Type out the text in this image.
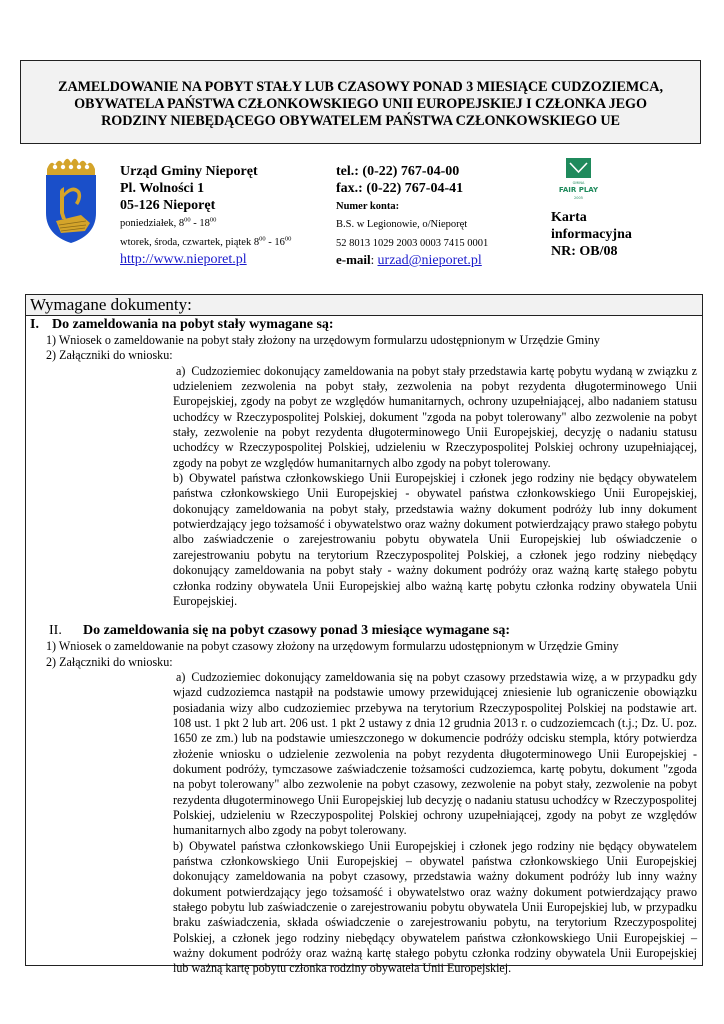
ZAMELDOWANIE NA POBYT STAŁY LUB CZASOWY PONAD 3 MIESIĄCE CUDZOZIEMCA,
OBYWATELA PAŃSTWA CZŁONKOWSKIEGO UNII EUROPEJSKIEJ I CZŁONKA JEGO
RODZINY NIEBĘDĄCEGO OBYWATELEM PAŃSTWA CZŁONKOWSKIEGO UE
Urząd Gminy Nieporęt
Pl. Wolności 1
05-126 Nieporęt
poniedziałek, $8^{00} - 18^{00}$
wtorek, środa, czwartek, piątek $8^{00} - 16^{00}$
http://www.nieporet.pl
tel.: (0-22) 767-04-00
fax.: (0-22) 767-04-41
Numer konta:
B.S. w Legionowie, o/Nieporęt
52 8013 1029 2003 0003 7415 0001
e-mail: urzad@nieporet.pl
GMINA
FAIR PLAY
2005
Karta
informacyjna
NR: OB/08
Wymagane dokumenty:
I. Do zameldowania na pobyt stały wymagane są:
1) Wniosek o zameldowanie na pobyt stały złożony na urzędowym formularzu udostępnionym w Urzędzie Gminy
2) Załączniki do wniosku:
a) Cudzoziemiec dokonujący zameldowania na pobyt stały przedstawia kartę pobytu wydaną w związku z udzieleniem zezwolenia na pobyt stały, zezwolenia na pobyt rezydenta długoterminowego Unii Europejskiej, zgody na pobyt ze względów humanitarnych, ochrony uzupełniającej, albo nadaniem statusu uchodźcy w Rzeczypospolitej Polskiej, dokument "zgoda na pobyt tolerowany" albo zezwolenie na pobyt stały, zezwolenie na pobyt rezydenta długoterminowego Unii Europejskiej, decyzję o nadaniu statusu uchodźcy w Rzeczypospolitej Polskiej, udzieleniu w Rzeczypospolitej Polskiej ochrony uzupełniającej, zgody na pobyt ze względów humanitarnych albo zgody na pobyt tolerowany.
b) Obywatel państwa członkowskiego Unii Europejskiej i członek jego rodziny nie będący obywatelem państwa członkowskiego Unii Europejskiej - obywatel państwa członkowskiego Unii Europejskiej, dokonujący zameldowania na pobyt stały, przedstawia ważny dokument podróży lub inny dokument potwierdzający jego tożsamość i obywatelstwo oraz ważny dokument potwierdzający prawo stałego pobytu albo zaświadczenie o zarejestrowaniu pobytu obywatela Unii Europejskiej lub oświadczenie o zarejestrowaniu pobytu na terytorium Rzeczypospolitej Polskiej, a członek jego rodziny niebędący dokonujący zameldowania na pobyt stały - ważny dokument podróży oraz ważną kartę stałego pobytu członka rodziny obywatela Unii Europejskiej albo ważną kartę pobytu członka rodziny obywatela Unii Europejskiej.
II. Do zameldowania się na pobyt czasowy ponad 3 miesiące wymagane są:
1) Wniosek o zameldowanie na pobyt czasowy złożony na urzędowym formularzu udostępnionym w Urzędzie Gminy
2) Załączniki do wniosku:
a) Cudzoziemiec dokonujący zameldowania się na pobyt czasowy przedstawia wizę, a w przypadku gdy wjazd cudzoziemca nastąpił na podstawie umowy przewidującej zniesienie lub ograniczenie obowiązku posiadania wizy albo cudzoziemiec przebywa na terytorium Rzeczypospolitej Polskiej na podstawie art. 108 ust. 1 pkt 2 lub art. 206 ust. 1 pkt 2 ustawy z dnia 12 grudnia 2013 r. o cudzoziemcach (t.j.; Dz. U. poz. 1650 ze zm.) lub na podstawie umieszczonego w dokumencie podróży odcisku stempla, który potwierdza złożenie wniosku o udzielenie zezwolenia na pobyt rezydenta długoterminowego Unii Europejskiej - dokument podróży, tymczasowe zaświadczenie tożsamości cudzoziemca, kartę pobytu, dokument "zgoda na pobyt tolerowany" albo zezwolenie na pobyt czasowy, zezwolenie na pobyt stały, zezwolenie na pobyt rezydenta długoterminowego Unii Europejskiej lub decyzję o nadaniu statusu uchodźcy w Rzeczypospolitej Polskiej, udzieleniu w Rzeczypospolitej Polskiej ochrony uzupełniającej, zgody na pobyt ze względów humanitarnych albo zgody na pobyt tolerowany.
b) Obywatel państwa członkowskiego Unii Europejskiej i członek jego rodziny nie będący obywatelem państwa członkowskiego Unii Europejskiej – obywatel państwa członkowskiego Unii Europejskiej dokonujący zameldowania na pobyt czasowy, przedstawia ważny dokument podróży lub inny ważny dokument potwierdzający jego tożsamość i obywatelstwo oraz ważny dokument potwierdzający prawo stałego pobytu lub zaświadczenie o zarejestrowaniu pobytu obywatela Unii Europejskiej lub, w przypadku braku zaświadczenia, składa oświadczenie o zarejestrowaniu pobytu, na terytorium Rzeczypospolitej Polskiej, a członek jego rodziny niebędący obywatelem państwa członkowskiego Unii Europejskiej – ważny dokument podróży oraz ważną kartę stałego pobytu członka rodziny obywatela Unii Europejskiej lub ważną kartę pobytu członka rodziny obywatela Unii Europejskiej.
